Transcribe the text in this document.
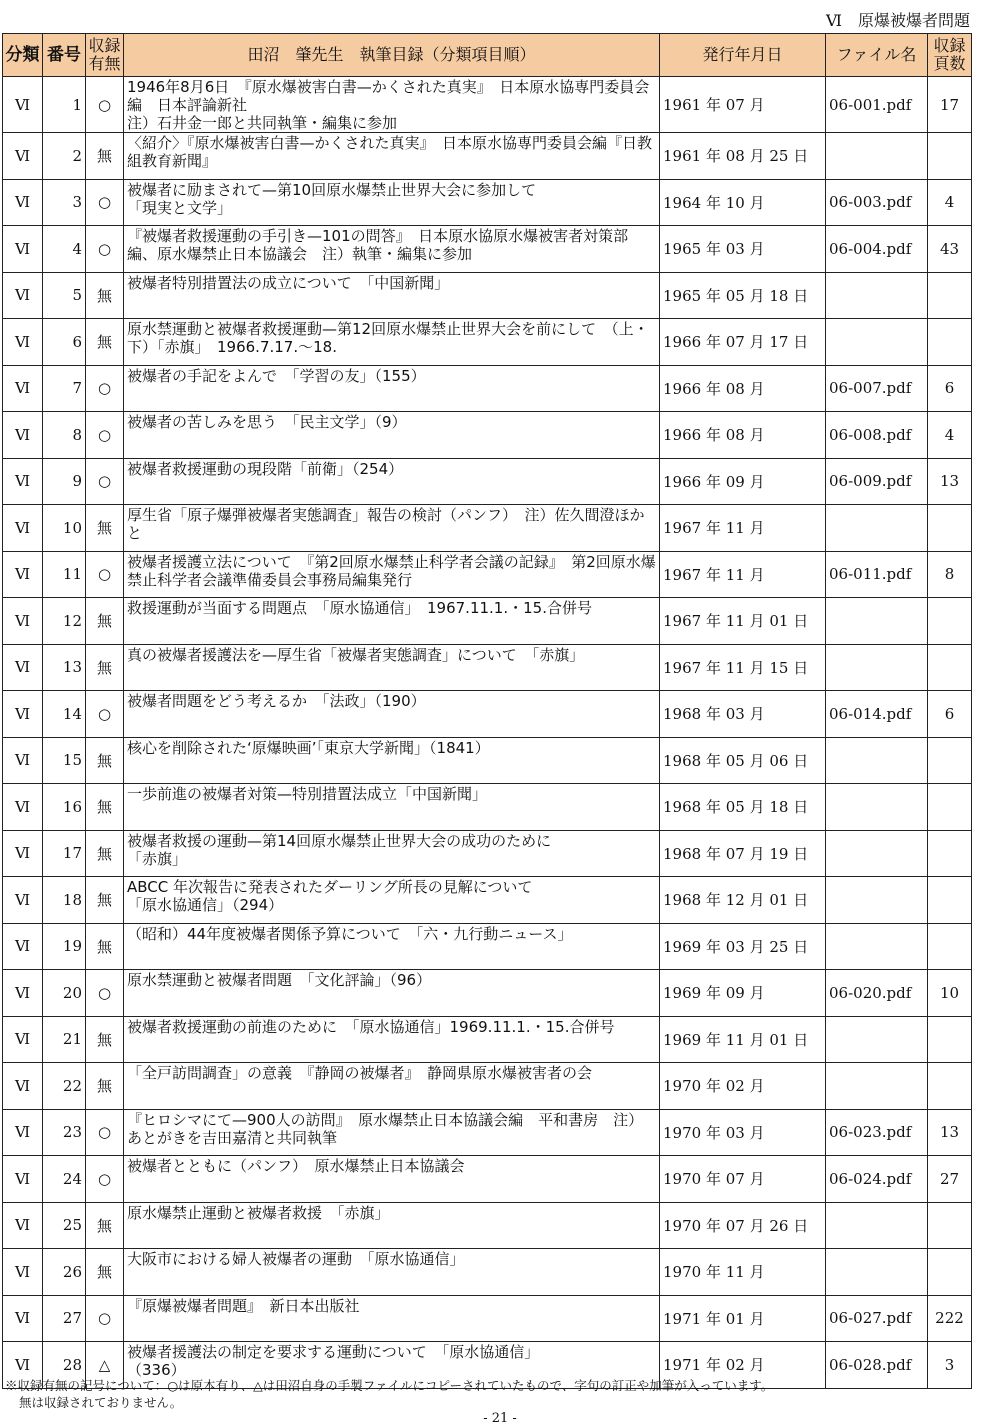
Ⅵ　原爆被爆者問題
分類	番号	収録
有無	田沼　肇先生　執筆目録（分類項目順）	発行年月日	ファイル名	収録
頁数
Ⅵ	1	○	1946年8月6日　『原水爆被害白書—かくされた真実』　日本原水協専門委員会編　日本評論新社
注）石井金一郎と共同執筆・編集に参加	1961 年 07 月	06-001.pdf	17
Ⅵ	2	無	〈紹介〉『原水爆被害白書—かくされた真実』　日本原水協専門委員会編『日教組教育新聞』	1961 年 08 月 25 日		
Ⅵ	3	○	被爆者に励まされて—第10回原水爆禁止世界大会に参加して
「現実と文学」	1964 年 10 月	06-003.pdf	4
Ⅵ	4	○	『被爆者救援運動の手引き—101の問答』　日本原水協原水爆被害者対策部編、原水爆禁止日本協議会　注）執筆・編集に参加	1965 年 03 月	06-004.pdf	43
Ⅵ	5	無	被爆者特別措置法の成立について　「中国新聞」	1965 年 05 月 18 日		
Ⅵ	6	無	原水禁運動と被爆者救援運動—第12回原水爆禁止世界大会を前にして　（上・下）「赤旗」　1966.7.17.～18.	1966 年 07 月 17 日		
Ⅵ	7	○	被爆者の手記をよんで　「学習の友」（155）	1966 年 08 月	06-007.pdf	6
Ⅵ	8	○	被爆者の苦しみを思う　「民主文学」（9）	1966 年 08 月	06-008.pdf	4
Ⅵ	9	○	被爆者救援運動の現段階「前衛」（254）	1966 年 09 月	06-009.pdf	13
Ⅵ	10	無	厚生省「原子爆弾被爆者実態調査」報告の検討（パンフ）　注）佐久間澄ほかと	1967 年 11 月		
Ⅵ	11	○	被爆者援護立法について　『第2回原水爆禁止科学者会議の記録』　第2回原水爆禁止科学者会議準備委員会事務局編集発行	1967 年 11 月	06-011.pdf	8
Ⅵ	12	無	救援運動が当面する問題点　「原水協通信」　1967.11.1.・15.合併号	1967 年 11 月 01 日		
Ⅵ	13	無	真の被爆者援護法を—厚生省「被爆者実態調査」について　「赤旗」	1967 年 11 月 15 日		
Ⅵ	14	○	被爆者問題をどう考えるか　「法政」（190）	1968 年 03 月	06-014.pdf	6
Ⅵ	15	無	核心を削除された‘原爆映画’「東京大学新聞」（1841）	1968 年 05 月 06 日		
Ⅵ	16	無	一歩前進の被爆者対策—特別措置法成立「中国新聞」	1968 年 05 月 18 日		
Ⅵ	17	無	被爆者救援の運動—第14回原水爆禁止世界大会の成功のために
「赤旗」	1968 年 07 月 19 日		
Ⅵ	18	無	ABCC 年次報告に発表されたダーリング所長の見解について
「原水協通信」（294）	1968 年 12 月 01 日		
Ⅵ	19	無	（昭和）44年度被爆者関係予算について　「六・九行動ニュース」	1969 年 03 月 25 日		
Ⅵ	20	○	原水禁運動と被爆者問題　「文化評論」（96）	1969 年 09 月	06-020.pdf	10
Ⅵ	21	無	被爆者救援運動の前進のために　「原水協通信」1969.11.1.・15.合併号	1969 年 11 月 01 日		
Ⅵ	22	無	「全戸訪問調査」の意義　『静岡の被爆者』　静岡県原水爆被害者の会	1970 年 02 月		
Ⅵ	23	○	『ヒロシマにて—900人の訪問』　原水爆禁止日本協議会編　平和書房　注）あとがきを吉田嘉清と共同執筆	1970 年 03 月	06-023.pdf	13
Ⅵ	24	○	被爆者とともに（パンフ）　原水爆禁止日本協議会	1970 年 07 月	06-024.pdf	27
Ⅵ	25	無	原水爆禁止運動と被爆者救援　「赤旗」	1970 年 07 月 26 日		
Ⅵ	26	無	大阪市における婦人被爆者の運動　「原水協通信」	1970 年 11 月		
Ⅵ	27	○	『原爆被爆者問題』　新日本出版社	1971 年 01 月	06-027.pdf	222
Ⅵ	28	△	被爆者援護法の制定を要求する運動について　「原水協通信」
（336）	1971 年 02 月	06-028.pdf	3
※収録有無の記号について：○は原本有り、△は田沼自身の手製ファイルにコピーされていたもので、字句の訂正や加筆が入っています。
無は収録されておりません。
- 21 -
